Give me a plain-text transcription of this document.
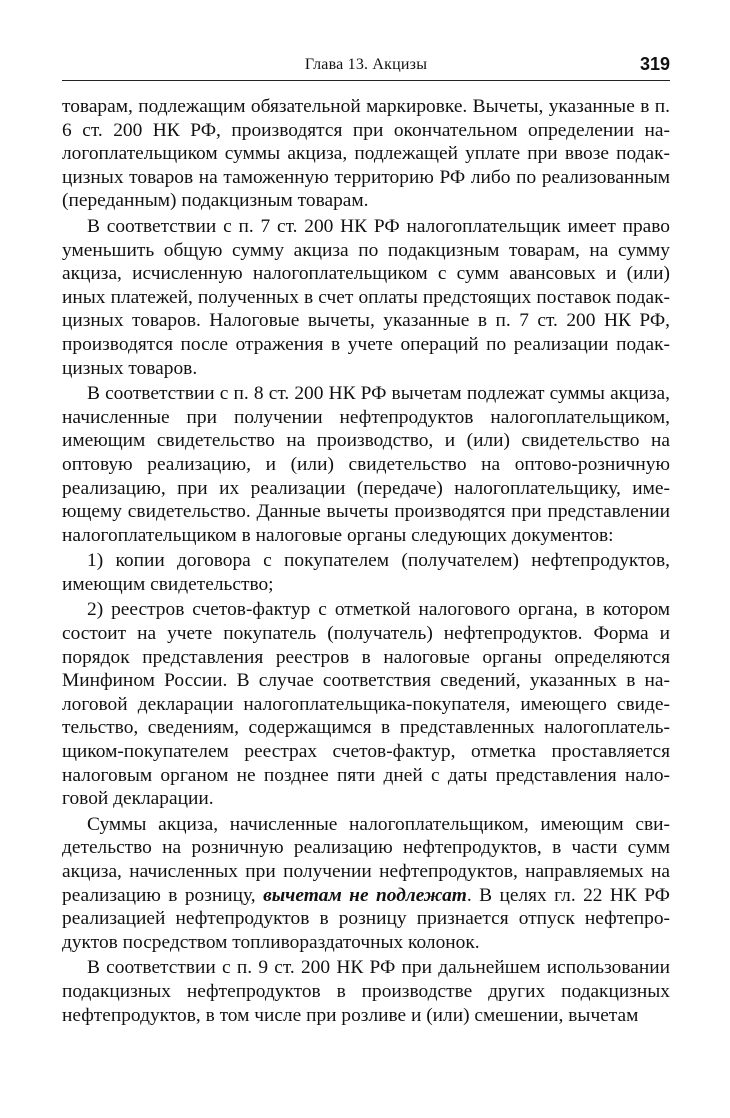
Глава 13. Акцизы	319

товарам, подлежащим обязательной маркировке. Вычеты, указанные в п. 6 ст. 200 НК РФ, производятся при окончательном определении налогоплательщиком суммы акциза, подлежащей уплате при ввозе подакцизных товаров на таможенную территорию РФ либо по реализованным (переданным) подакцизным товарам.

В соответствии с п. 7 ст. 200 НК РФ налогоплательщик имеет право уменьшить общую сумму акциза по подакцизным товарам, на сумму акциза, исчисленную налогоплательщиком с сумм авансовых и (или) иных платежей, полученных в счет оплаты предстоящих поставок подакцизных товаров. Налоговые вычеты, указанные в п. 7 ст. 200 НК РФ, производятся после отражения в учете операций по реализации подакцизных товаров.

В соответствии с п. 8 ст. 200 НК РФ вычетам подлежат суммы акциза, начисленные при получении нефтепродуктов налогоплательщиком, имеющим свидетельство на производство, и (или) свидетельство на оптовую реализацию, и (или) свидетельство на оптово-розничную реализацию, при их реализации (передаче) налогоплательщику, имеющему свидетельство. Данные вычеты производятся при представлении налогоплательщиком в налоговые органы следующих документов:

1) копии договора с покупателем (получателем) нефтепродуктов, имеющим свидетельство;

2) реестров счетов-фактур с отметкой налогового органа, в котором состоит на учете покупатель (получатель) нефтепродуктов. Форма и порядок представления реестров в налоговые органы определяются Минфином России. В случае соответствия сведений, указанных в налоговой декларации налогоплательщика-покупателя, имеющего свидетельство, сведениям, содержащимся в представленных налогоплательщиком-покупателем реестрах счетов-фактур, отметка проставляется налоговым органом не позднее пяти дней с даты представления налоговой декларации.

Суммы акциза, начисленные налогоплательщиком, имеющим свидетельство на розничную реализацию нефтепродуктов, в части сумм акциза, начисленных при получении нефтепродуктов, направляемых на реализацию в розницу, вычетам не подлежат. В целях гл. 22 НК РФ реализацией нефтепродуктов в розницу признается отпуск нефтепродуктов посредством топливораздаточных колонок.

В соответствии с п. 9 ст. 200 НК РФ при дальнейшем использовании подакцизных нефтепродуктов в производстве других подакцизных нефтепродуктов, в том числе при розливе и (или) смешении, вычетам
